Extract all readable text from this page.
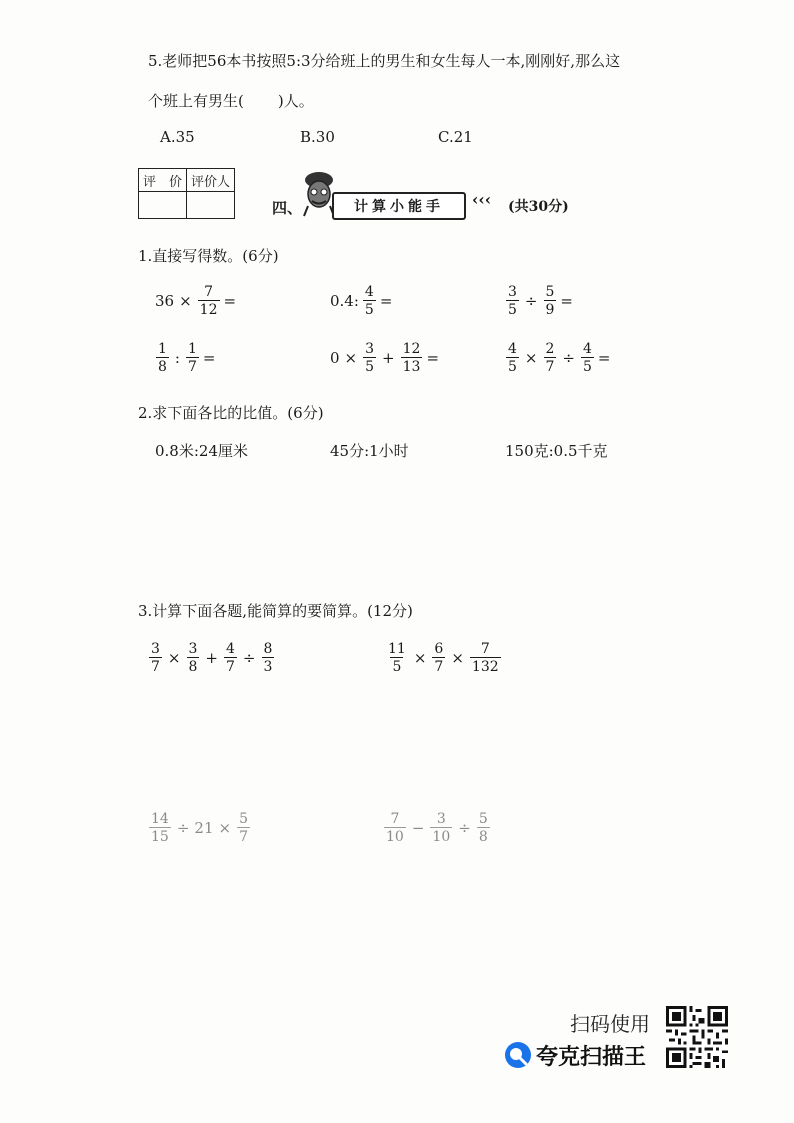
5.老师把56本书按照5:3分给班上的男生和女生每人一本,刚刚好,那么这
个班上有男生( )人。
A.35	B.30	C.21
评　价	评价人

四、	计算小能手	‹‹‹ (共30分)
1.直接写得数。(6分)
$36 \times \frac{7}{12}$ =	0.4: $\frac{4}{5}$ =	$\frac{3}{5} \div \frac{5}{9}$ =
$\frac{1}{8}$ : $\frac{1}{7}$ =	$0 \times \frac{3}{5} + \frac{12}{13}$ =	$\frac{4}{5} \times \frac{2}{7} \div \frac{4}{5}$ =
2.求下面各比的比值。(6分)
0.8米:24厘米	45分:1小时	150克:0.5千克
3.计算下面各题,能简算的要简算。(12分)
$\frac{3}{7} \times \frac{3}{8} + \frac{4}{7} \div \frac{8}{3}$	$\frac{11}{5} \times \frac{6}{7} \times \frac{7}{132}$
$\frac{14}{15} \div 21 \times \frac{5}{7}$	$\frac{7}{10} - \frac{3}{10} \div \frac{5}{8}$
扫码使用
夸克扫描王
